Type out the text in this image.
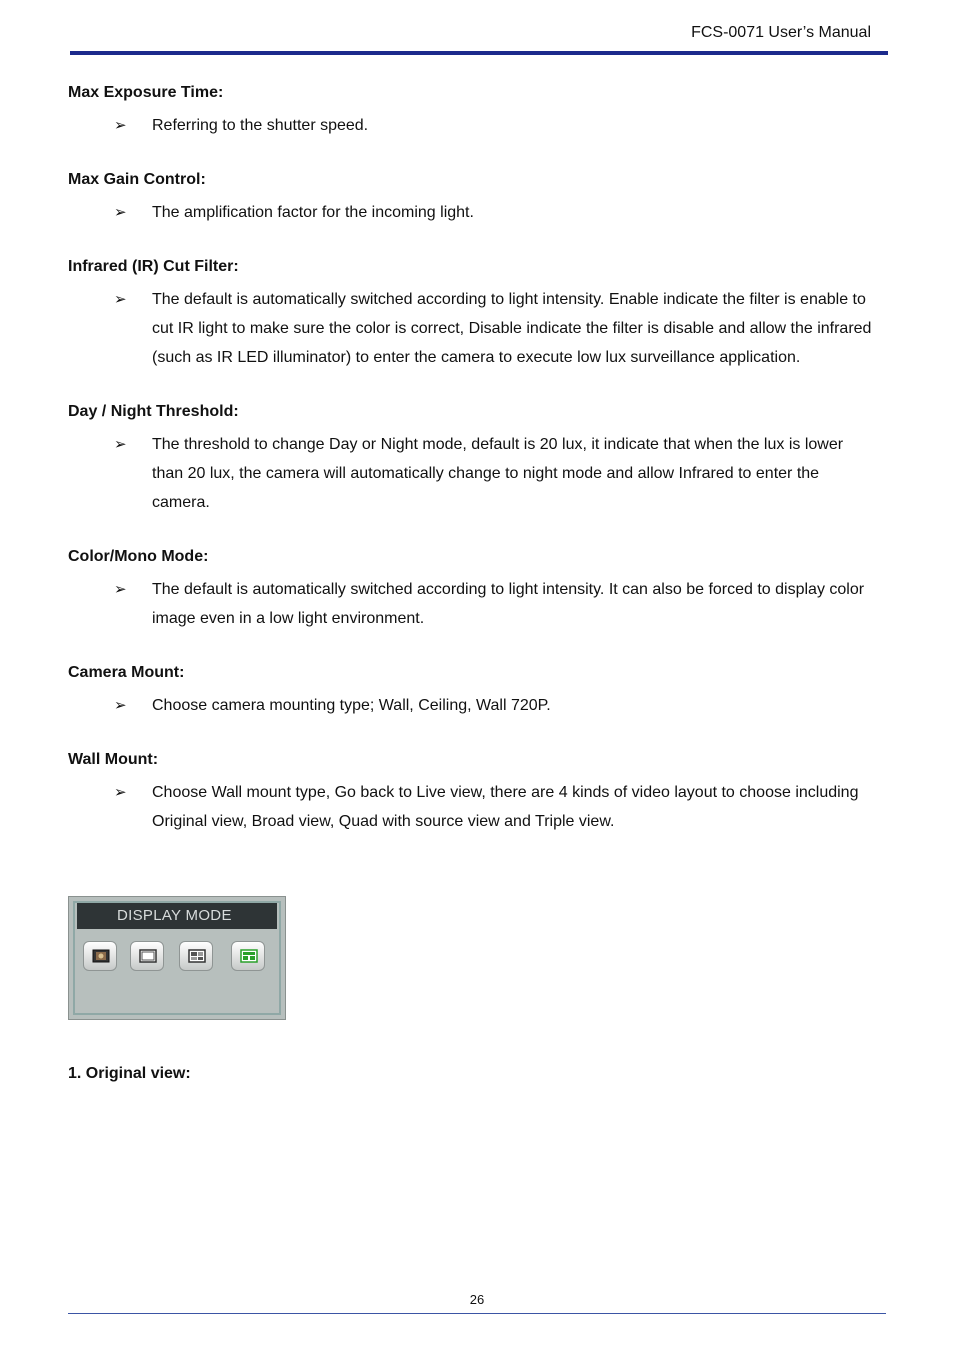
FCS-0071 User’s Manual
Max Exposure Time:
➢ Referring to the shutter speed.
Max Gain Control:
➢ The amplification factor for the incoming light.
Infrared (IR) Cut Filter:
➢ The default is automatically switched according to light intensity. Enable indicate the filter is enable to cut IR light to make sure the color is correct, Disable indicate the filter is disable and allow the infrared (such as IR LED illuminator) to enter the camera to execute low lux surveillance application.
Day / Night Threshold:
➢ The threshold to change Day or Night mode, default is 20 lux, it indicate that when the lux is lower than 20 lux, the camera will automatically change to night mode and allow Infrared to enter the camera.
Color/Mono Mode:
➢ The default is automatically switched according to light intensity. It can also be forced to display color image even in a low light environment.
Camera Mount:
➢ Choose camera mounting type; Wall, Ceiling, Wall 720P.
Wall Mount:
➢ Choose Wall mount type, Go back to Live view, there are 4 kinds of video layout to choose including Original view, Broad view, Quad with source view and Triple view.
DISPLAY MODE
1. Original view:
26
